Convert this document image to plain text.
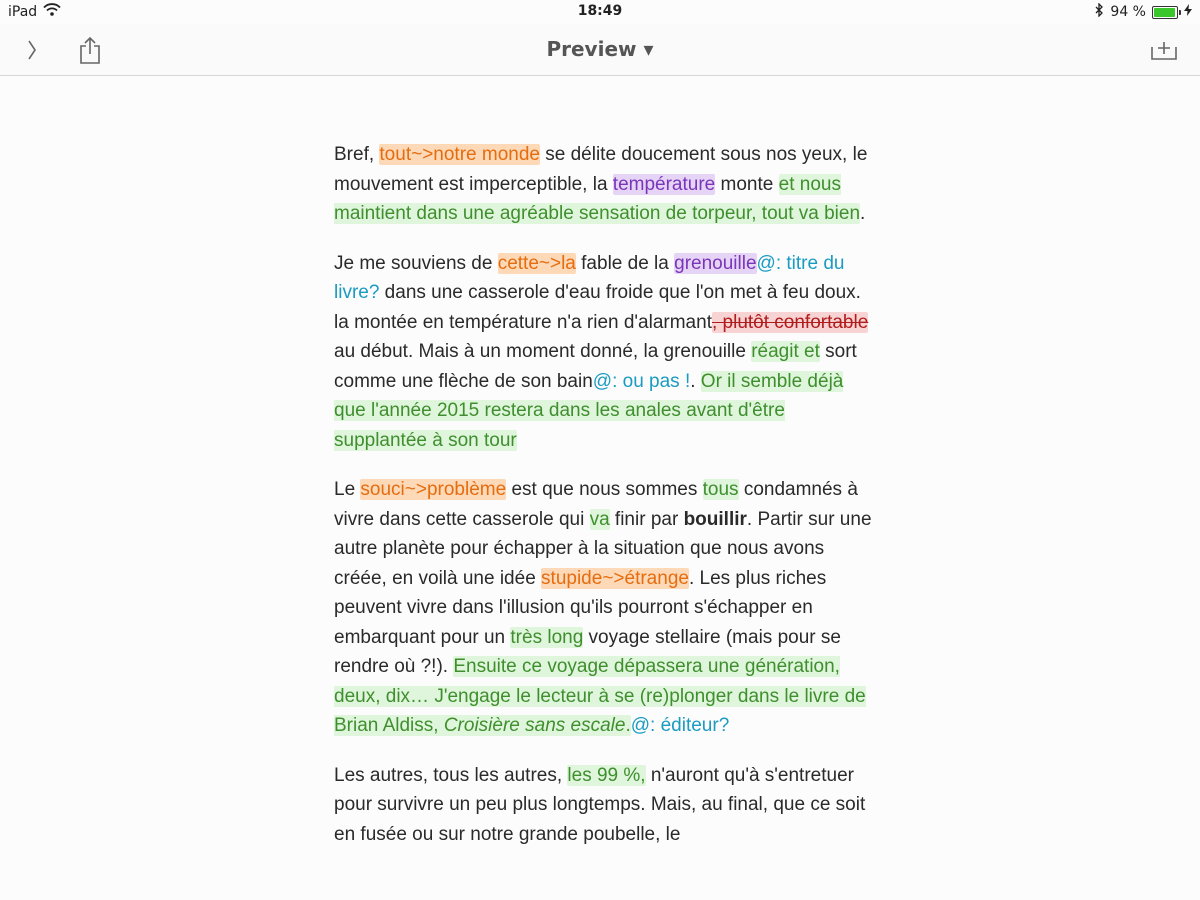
iPad	18:49	94 %
Preview ▾

Bref, tout~>notre monde se délite doucement sous nos yeux, le mouvement est imperceptible, la température monte et nous maintient dans une agréable sensation de torpeur, tout va bien.

Je me souviens de cette~>la fable de la grenouille@: titre du livre? dans une casserole d'eau froide que l'on met à feu doux. la montée en température n'a rien d'alarmant, plutôt confortable au début. Mais à un moment donné, la grenouille réagit et sort comme une flèche de son bain@: ou pas !. Or il semble déjà que l'année 2015 restera dans les anales avant d'être supplantée à son tour

Le souci~>problème est que nous sommes tous condamnés à vivre dans cette casserole qui va finir par bouillir. Partir sur une autre planète pour échapper à la situation que nous avons créée, en voilà une idée stupide~>étrange. Les plus riches peuvent vivre dans l'illusion qu'ils pourront s'échapper en embarquant pour un très long voyage stellaire (mais pour se rendre où ?!). Ensuite ce voyage dépassera une génération, deux, dix… J'engage le lecteur à se (re)plonger dans le livre de Brian Aldiss, Croisière sans escale.@: éditeur?

Les autres, tous les autres, les 99 %, n'auront qu'à s'entretuer pour survivre un peu plus longtemps. Mais, au final, que ce soit en fusée ou sur notre grande poubelle, le
